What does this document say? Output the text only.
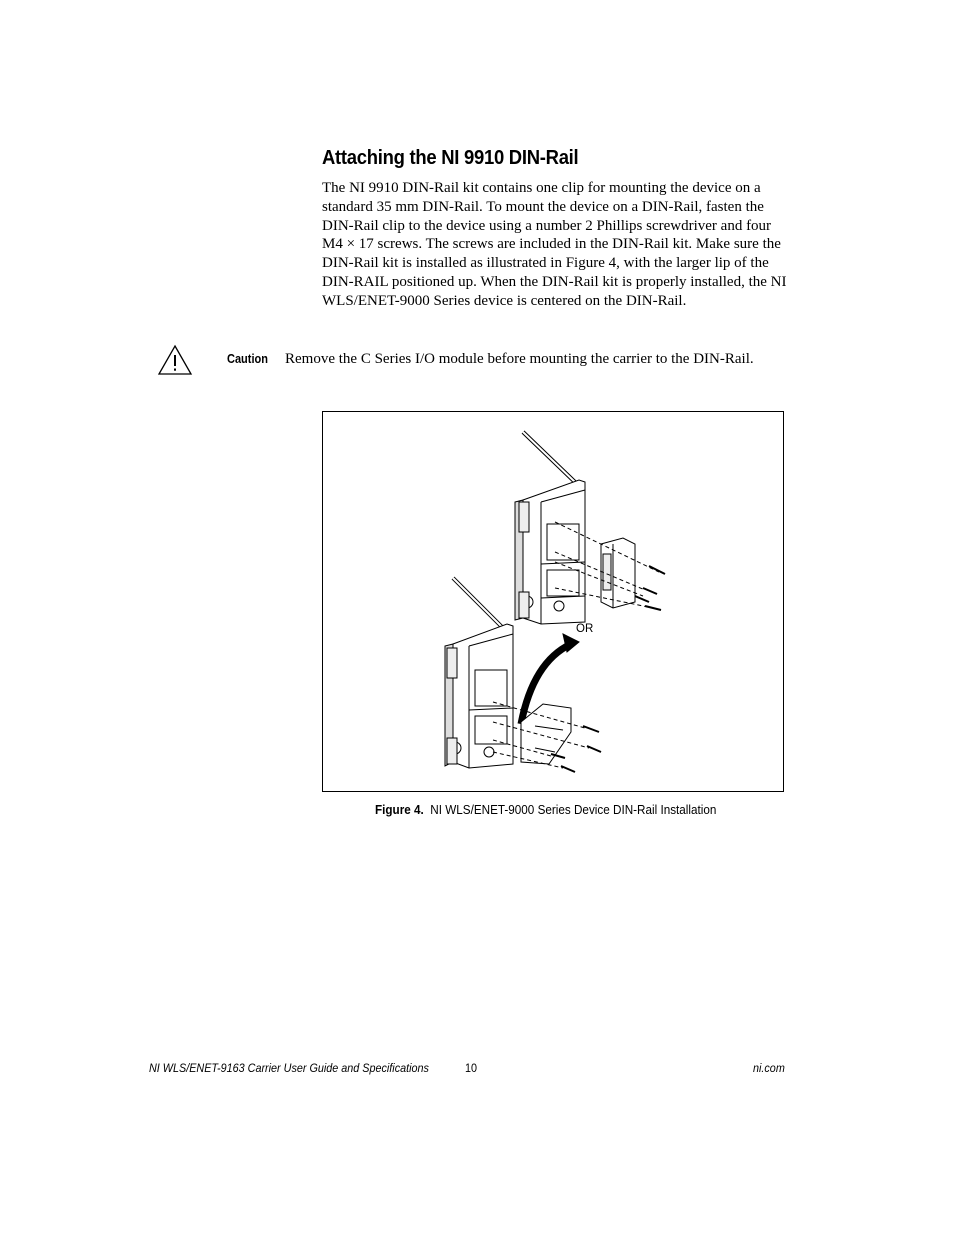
Attaching the NI 9910 DIN-Rail

The NI 9910 DIN-Rail kit contains one clip for mounting the device on a standard 35 mm DIN-Rail. To mount the device on a DIN-Rail, fasten the DIN-Rail clip to the device using a number 2 Phillips screwdriver and four M4 × 17 screws. The screws are included in the DIN-Rail kit. Make sure the DIN-Rail kit is installed as illustrated in Figure 4, with the larger lip of the DIN-RAIL positioned up. When the DIN-Rail kit is properly installed, the NI WLS/ENET-9000 Series device is centered on the DIN-Rail.

Caution Remove the C Series I/O module before mounting the carrier to the DIN-Rail.
OR
Figure 4. NI WLS/ENET-9000 Series Device DIN-Rail Installation
NI WLS/ENET-9163 Carrier User Guide and Specifications	10	ni.com
